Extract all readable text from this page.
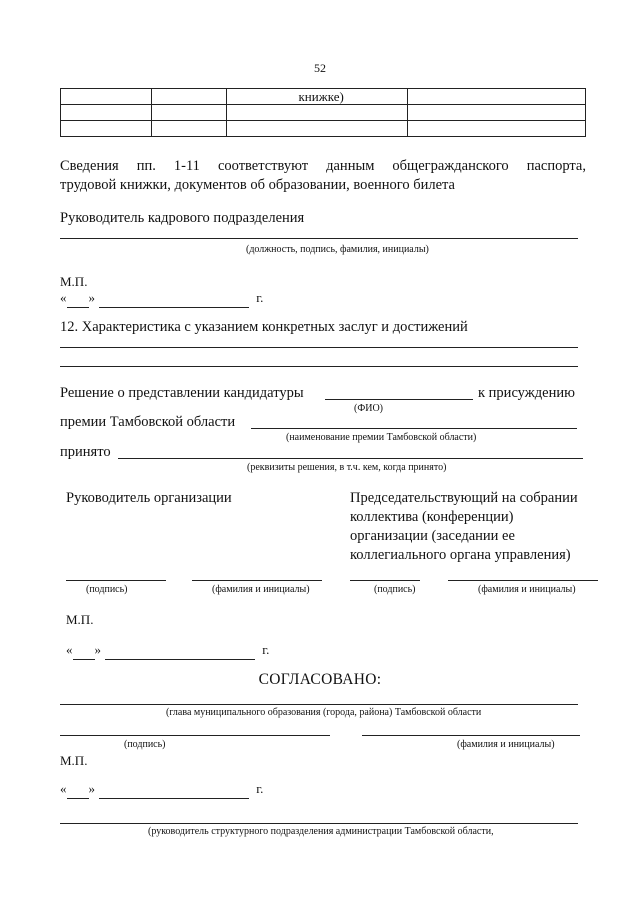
52
		книжке)	

Сведения пп. 1-11 соответствуют данным общегражданского паспорта,
трудовой книжки, документов об образовании, военного билета
Руководитель кадрового подразделения
(должность, подпись, фамилия, инициалы)
М.П.
« »	г.
12. Характеристика с указанием конкретных заслуг и достижений
Решение о представлении кандидатуры	к присуждению
(ФИО)
премии Тамбовской области
(наименование премии Тамбовской области)
принято
(реквизиты решения, в т.ч. кем, когда принято)
Руководитель организации	Председательствующий на собрании
коллектива (конференции)
организации (заседании ее
коллегиального органа управления)
(подпись)	(фамилия и инициалы)	(подпись)	(фамилия и инициалы)
М.П.
« »	г.
СОГЛАСОВАНО:
(глава муниципального образования (города, района) Тамбовской области
(подпись)	(фамилия и инициалы)
М.П.
« »	г.
(руководитель структурного подразделения администрации Тамбовской области,
